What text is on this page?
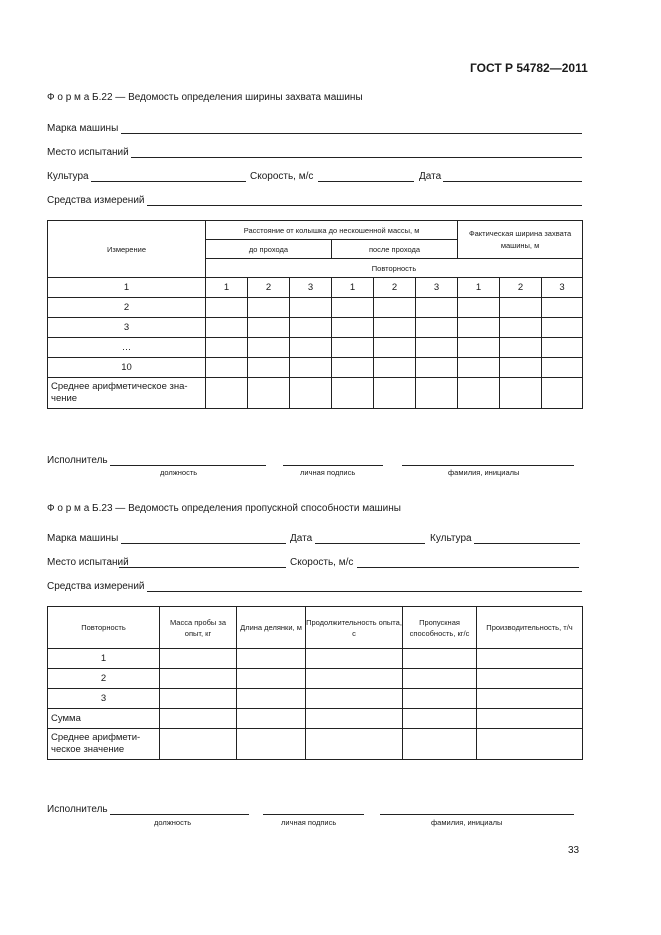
ГОСТ Р 54782—2011
Ф о р м а Б.22 — Ведомость определения ширины захвата машины
Марка машины
Место испытаний
Культура	Скорость, м/с	Дата
Средства измерений
Измерение	Расстояние от колышка до нескошенной массы, м						Фактическая ширина захвата машины, м		
	до прохода			после прохода					
	Повторность								
1	1	2	3	1	2	3	1	2	3
2									
3									
…									
10									
Среднее арифметическое зна-чение									
Исполнитель
должность	личная подпись	фамилия, инициалы
Ф о р м а Б.23 — Ведомость определения пропускной способности машины
Марка машины	Дата	Культура
Место испытаний	Скорость, м/с
Средства измерений
Повторность	Масса пробы за опыт, кг	Длина делянки, м	Продолжительность опыта, с	Пропускная способность, кг/с	Производительность, т/ч
1					
2					
3					
Сумма					
Среднее арифмети-ческое значение					
Исполнитель
должность	личная подпись	фамилия, инициалы
33
